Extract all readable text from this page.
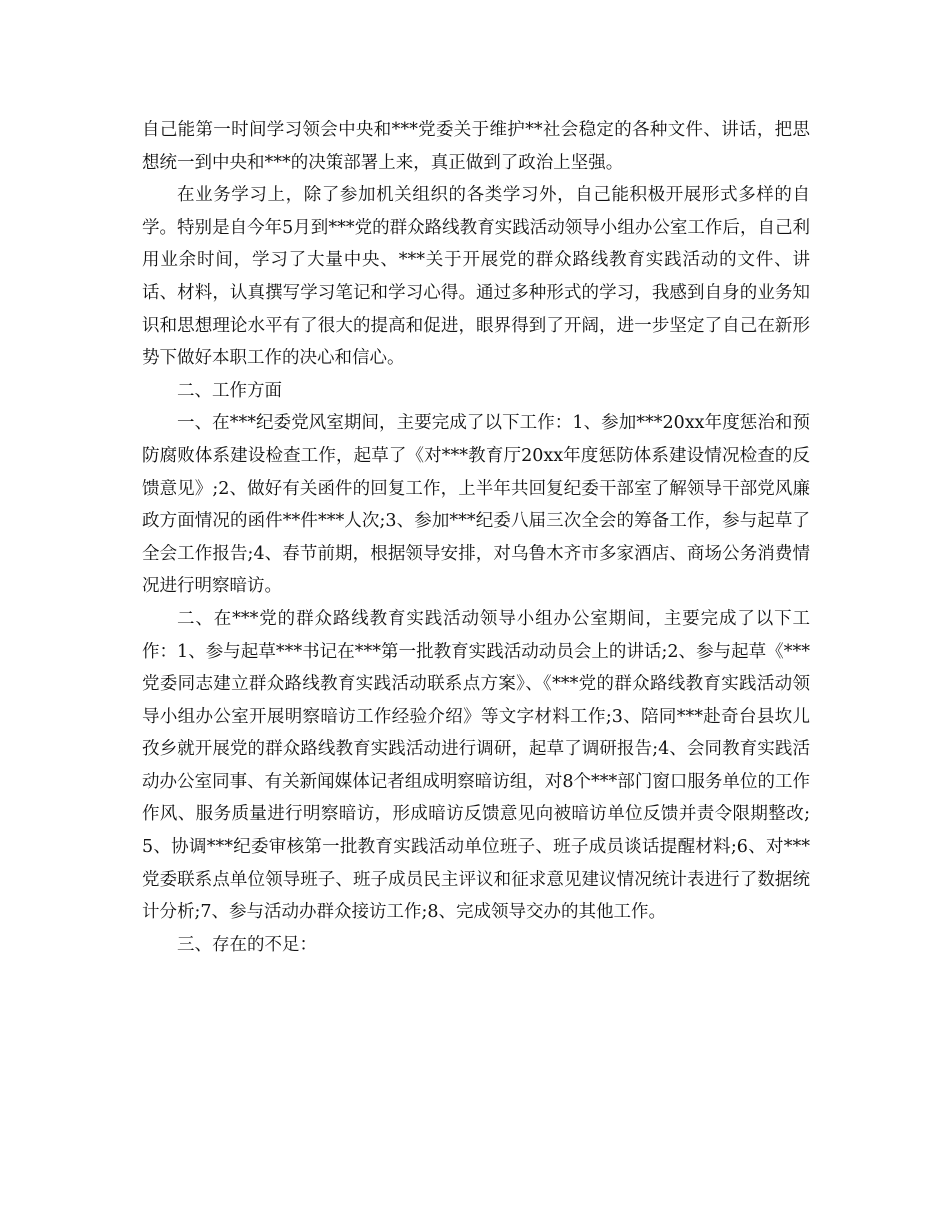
自己能第一时间学习领会中央和***党委关于维护**社会稳定的各种文件、讲话，把思想统一到中央和***的决策部署上来，真正做到了政治上坚强。

在业务学习上，除了参加机关组织的各类学习外，自己能积极开展形式多样的自学。特别是自今年5月到***党的群众路线教育实践活动领导小组办公室工作后，自己利用业余时间，学习了大量中央、***关于开展党的群众路线教育实践活动的文件、讲话、材料，认真撰写学习笔记和学习心得。通过多种形式的学习，我感到自身的业务知识和思想理论水平有了很大的提高和促进，眼界得到了开阔，进一步坚定了自己在新形势下做好本职工作的决心和信心。

二、工作方面

一、在***纪委党风室期间，主要完成了以下工作：1、参加***20xx年度惩治和预防腐败体系建设检查工作，起草了《对***教育厅20xx年度惩防体系建设情况检查的反馈意见》;2、做好有关函件的回复工作，上半年共回复纪委干部室了解领导干部党风廉政方面情况的函件**件***人次;3、参加***纪委八届三次全会的筹备工作，参与起草了全会工作报告;4、春节前期，根据领导安排，对乌鲁木齐市多家酒店、商场公务消费情况进行明察暗访。

二、在***党的群众路线教育实践活动领导小组办公室期间，主要完成了以下工作：1、参与起草***书记在***第一批教育实践活动动员会上的讲话;2、参与起草《***党委同志建立群众路线教育实践活动联系点方案》、《***党的群众路线教育实践活动领导小组办公室开展明察暗访工作经验介绍》等文字材料工作;3、陪同***赴奇台县坎儿孜乡就开展党的群众路线教育实践活动进行调研，起草了调研报告;4、会同教育实践活动办公室同事、有关新闻媒体记者组成明察暗访组，对8个***部门窗口服务单位的工作作风、服务质量进行明察暗访，形成暗访反馈意见向被暗访单位反馈并责令限期整改;5、协调***纪委审核第一批教育实践活动单位班子、班子成员谈话提醒材料;6、对***党委联系点单位领导班子、班子成员民主评议和征求意见建议情况统计表进行了数据统计分析;7、参与活动办群众接访工作;8、完成领导交办的其他工作。

三、存在的不足：
